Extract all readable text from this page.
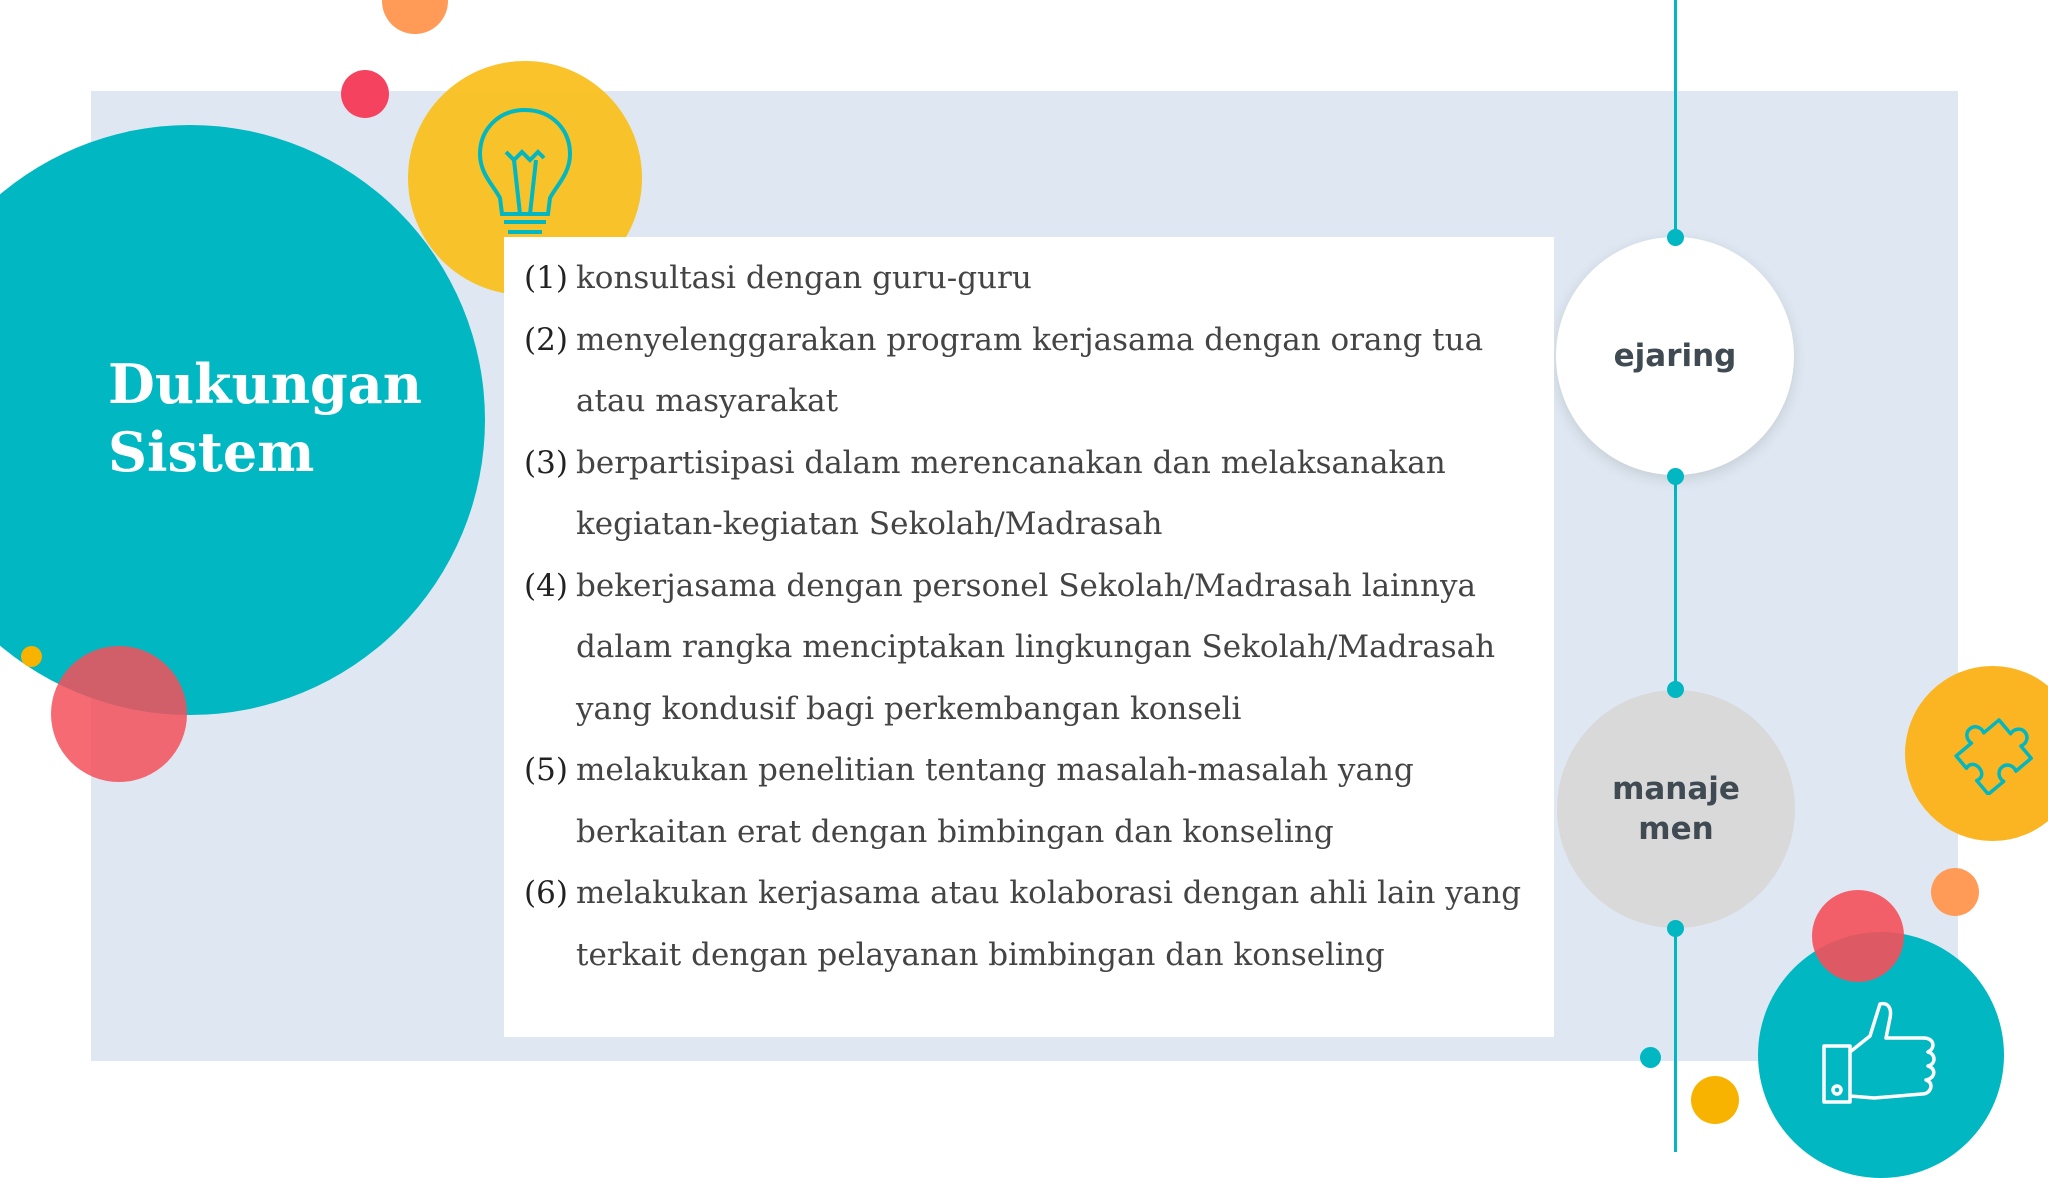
Dukungan Sistem
ejaring
manaje men
(1) konsultasi dengan guru-guru
(2) menyelenggarakan program kerjasama dengan orang tua atau masyarakat
(3) berpartisipasi dalam merencanakan dan melaksanakan kegiatan-kegiatan Sekolah/Madrasah
(4) bekerjasama dengan personel Sekolah/Madrasah lainnya dalam rangka menciptakan lingkungan Sekolah/Madrasah yang kondusif bagi perkembangan konseli
(5) melakukan penelitian tentang masalah-masalah yang berkaitan erat dengan bimbingan dan konseling
(6) melakukan kerjasama atau kolaborasi dengan ahli lain yang terkait dengan pelayanan bimbingan dan konseling
